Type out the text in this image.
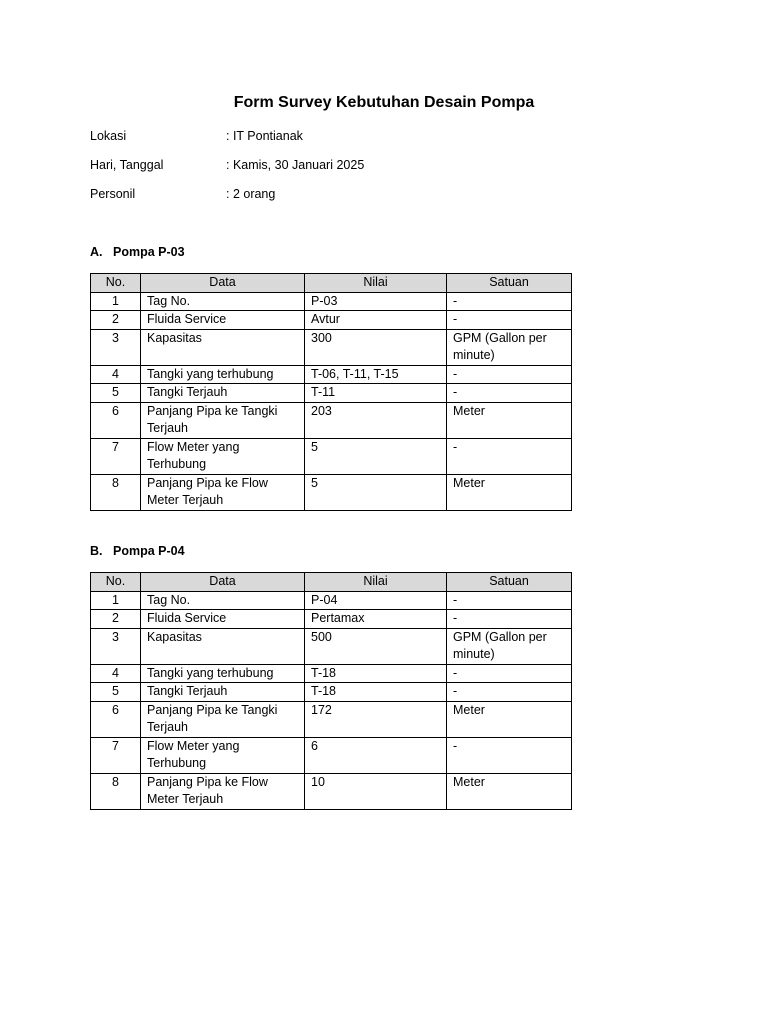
Form Survey Kebutuhan Desain Pompa
Lokasi	: IT Pontianak
Hari, Tanggal	: Kamis, 30 Januari 2025
Personil	: 2 orang
A. Pompa P-03
No.	Data	Nilai	Satuan
1	Tag No.	P-03	-
2	Fluida Service	Avtur	-
3	Kapasitas	300	GPM (Gallon per minute)
4	Tangki yang terhubung	T-06, T-11, T-15	-
5	Tangki Terjauh	T-11	-
6	Panjang Pipa ke Tangki Terjauh	203	Meter
7	Flow Meter yang Terhubung	5	-
8	Panjang Pipa ke Flow Meter Terjauh	5	Meter
B. Pompa P-04
No.	Data	Nilai	Satuan
1	Tag No.	P-04	-
2	Fluida Service	Pertamax	-
3	Kapasitas	500	GPM (Gallon per minute)
4	Tangki yang terhubung	T-18	-
5	Tangki Terjauh	T-18	-
6	Panjang Pipa ke Tangki Terjauh	172	Meter
7	Flow Meter yang Terhubung	6	-
8	Panjang Pipa ke Flow Meter Terjauh	10	Meter
